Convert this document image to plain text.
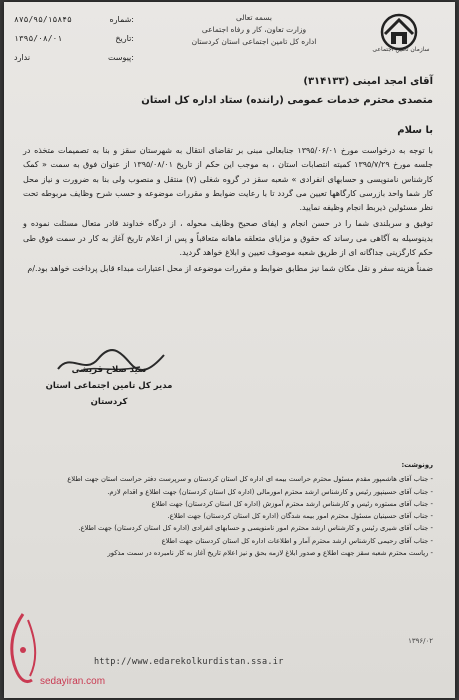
۸۷۵/۹۵/۱۵۸۴۵	شماره:
۱۳۹۵/۰۸/۰۱	تاریخ:
ندارد	پیوست:
بسمه تعالی
وزارت تعاون، کار و رفاه اجتماعی
اداره کل تامین اجتماعی استان کردستان
سازمان تامین اجتماعی
آقای امجد امینی (۳۱۴۱۳۳)
متصدی محترم خدمات عمومی (راننده) ستاد اداره کل استان
با سلام

با توجه به درخواست مورخ ۱۳۹۵/۰۶/۰۱ جنابعالی مبنی بر تقاضای انتقال به شهرستان سقز و بنا به تصمیمات متخذه در جلسه مورخ ۱۳۹۵/۷/۲۹ کمیته انتصابات استان ، به موجب این حکم از تاریخ ۱۳۹۵/۰۸/۰۱ از عنوان فوق به سمت « کمک کارشناس نامنویسی و حسابهای انفرادی » شعبه سقز در گروه شغلی (۷) منتقل و منصوب ولی بنا به ضرورت و نیاز محل کار شما واحد بازرسی کارگاهها تعیین می گردد تا با رعایت ضوابط و مقررات موضوعه و حسب شرح وظایف مربوطه تحت نظر مسئولین ذیربط انجام وظیفه نمایید.

توفیق و سربلندی شما را در حسن انجام و ایفای صحیح وظایف محوله ، از درگاه خداوند قادر متعال مسئلت نموده و بدینوسیله به آگاهی می رساند که حقوق و مزایای متعلقه ماهانه متعاقباً و پس از اعلام تاریخ آغاز به کار در سمت فوق طی حکم کارگزینی جداگانه ای از طریق شعبه موصوف تعیین و ابلاغ خواهد گردید.

ضمناً هزینه سفر و نقل مکان شما نیز مطابق ضوابط و مقررات موضوعه از محل اعتبارات مبداء قابل پرداخت خواهد بود./م

سید صلاح قریشی
مدیر کل تامین اجتماعی استان
کردستان
رونوشت:
- جناب آقای هاشمپور مقدم مسئول محترم حراست بیمه ای اداره کل استان کردستان و سرپرست دفتر حراست استان جهت اطلاع
- جناب آقای حسینپور رئیس و کارشناس ارشد محترم امورمالی (اداره کل استان کردستان) جهت اطلاع و اقدام لازم.
- جناب آقای مستوره رئیس و کارشناس ارشد محترم آموزش (اداره کل استان کردستان) جهت اطلاع
- جناب آقای حسینیان مسئول محترم امور بیمه شدگان (اداره کل استان کردستان) جهت اطلاع.
- جناب آقای شیری رئیس و کارشناس ارشد محترم امور نامنویسی و حسابهای انفرادی (اداره کل استان کردستان) جهت اطلاع.
- جناب آقای رحیمی کارشناس ارشد محترم آمار و اطلاعات اداره کل استان کردستان جهت اطلاع
- ریاست محترم شعبه سقز جهت اطلاع و صدور ابلاغ لازمه بحق و نیز اعلام تاریخ آغاز به کار نامبرده در سمت مذکور
۱۳۹۶/۰۲
http://www.edarekolkurdistan.ssa.ir
sedayiran.com
